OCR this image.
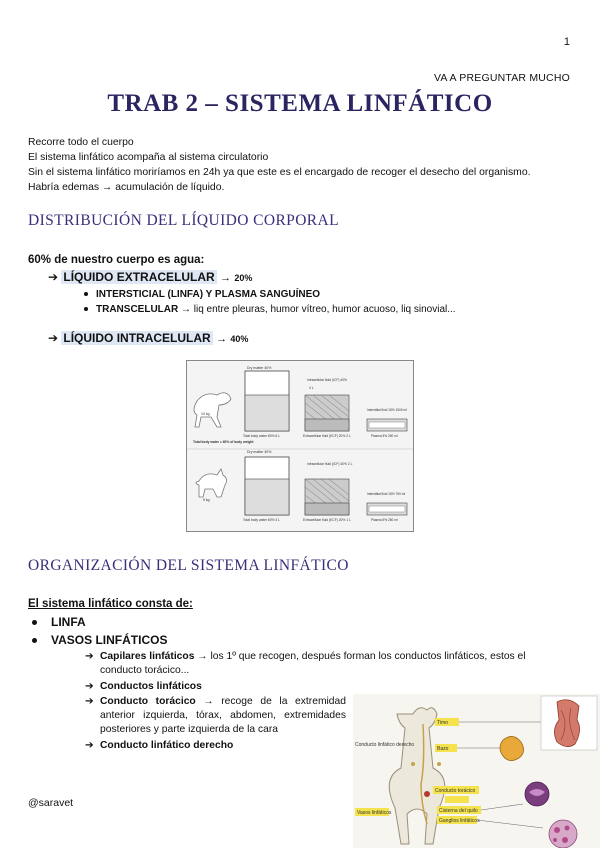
1
VA A PREGUNTAR MUCHO
TRAB 2 – SISTEMA LINFÁTICO
Recorre todo el cuerpo
El sistema linfático acompaña al sistema circulatorio
Sin el sistema linfático moriríamos en 24h ya que este es el encargado de recoger el desecho del organismo.
Habría edemas → acumulación de líquido.
DISTRIBUCIÓN DEL LÍQUIDO CORPORAL
60% de nuestro cuerpo es agua:
➔ LÍQUIDO EXTRACELULAR → 20%
INTERSTICIAL (LINFA) Y PLASMA SANGUÍNEO
TRANSCELULAR → liq entre pleuras, humor vítreo, humor acuoso, liq sinovial...
➔ LÍQUIDO INTRACELULAR → 40%
10 kg
5 kg
Total body water = 60% of body weight
Dry matter 40%
Total body water 60% 6 L
Intracellular fluid (ICF) 40%
4 L
Extracellular fluid (ECF) 20% 2 L
Interstitial fluid 15% 1500 ml
Plasma 5% 250 ml
Dry matter 40%
Total body water 60% 3 L
Intracellular fluid (ICF) 40% 2 L
Extracellular fluid (ECF) 20% 1 L
Interstitial fluid 15% 750 ml
Plasma 5% 250 ml
ORGANIZACIÓN DEL SISTEMA LINFÁTICO
El sistema linfático consta de:
LINFA
VASOS LINFÁTICOS
➔ Capilares linfáticos → los 1º que recogen, después forman los conductos linfáticos, estos el conducto torácico...
➔ Conductos linfáticos
➔ Conducto torácico → recoge de la extremidad anterior izquierda, tórax, abdomen, extremidades posteriores y parte izquierda de la cara
➔ Conducto linfático derecho
@saravet
Timo
Conducto linfático derecho
Bazo
Conducto torácico
Cisterna del quilo
Ganglios linfáticos
Vasos linfáticos
